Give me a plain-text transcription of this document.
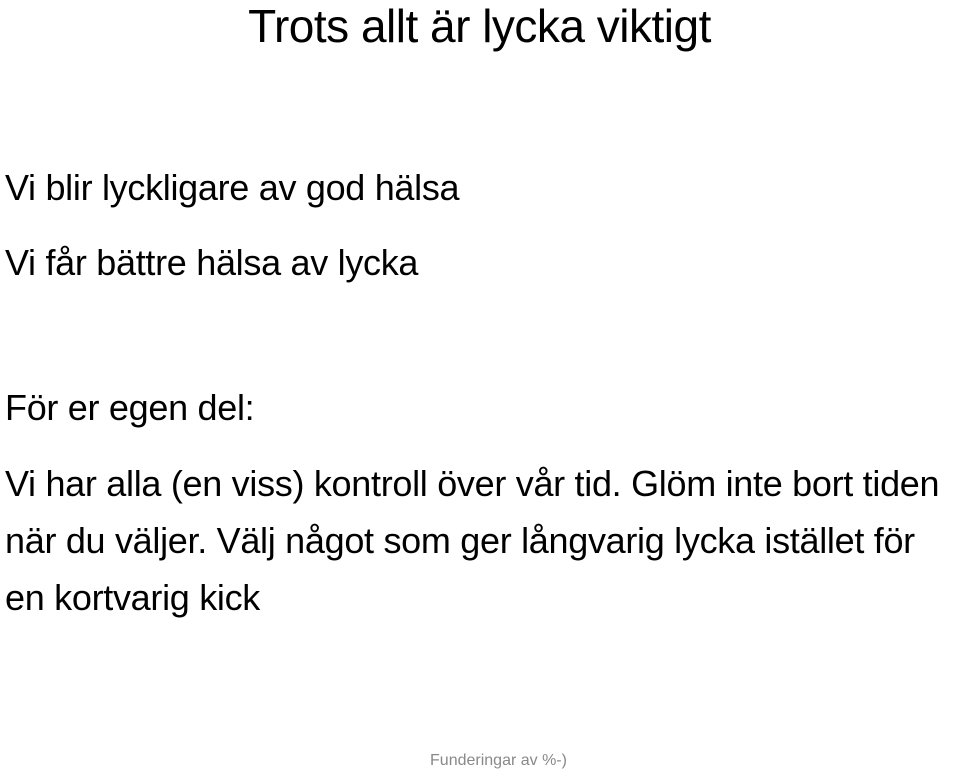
Trots allt är lycka viktigt
Vi blir lyckligare av god hälsa
Vi får bättre hälsa av lycka
För er egen del:
Vi har alla (en viss) kontroll över vår tid. Glöm inte bort tiden när du väljer. Välj något som ger långvarig lycka istället för en kortvarig kick
Funderingar av %-)
